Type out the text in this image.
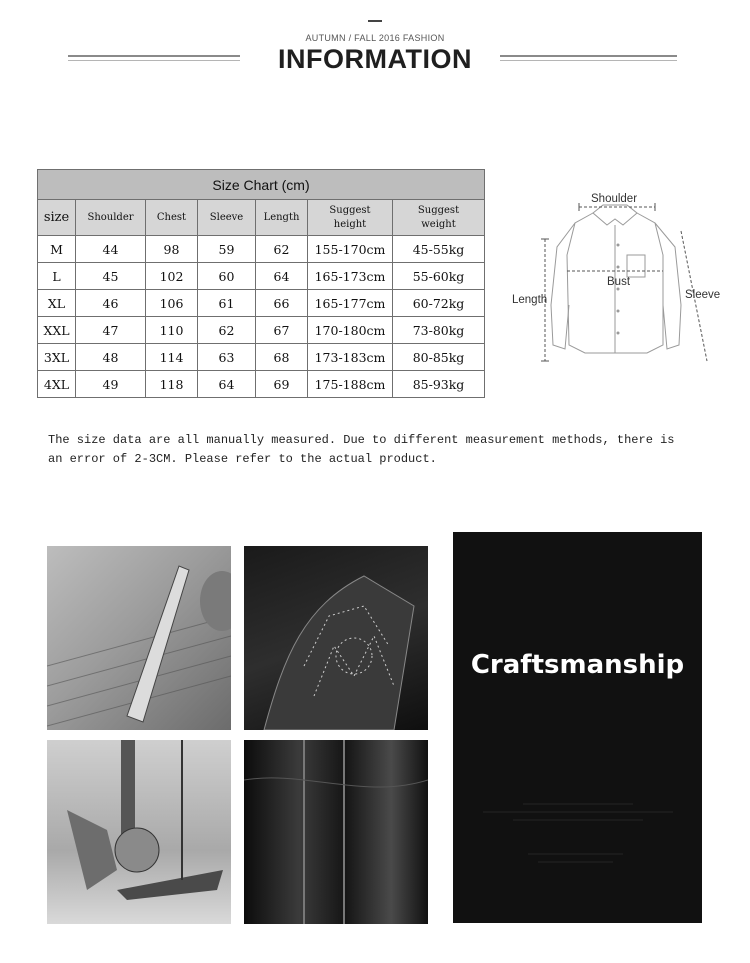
AUTUMN / FALL 2016 FASHION
INFORMATION
Size Chart (cm)						
size	Shoulder	Chest	Sleeve	Length	Suggest height	Suggest weight
M	44	98	59	62	155-170cm	45-55kg
L	45	102	60	64	165-173cm	55-60kg
XL	46	106	61	66	165-177cm	60-72kg
XXL	47	110	62	67	170-180cm	73-80kg
3XL	48	114	63	68	173-183cm	80-85kg
4XL	49	118	64	69	175-188cm	85-93kg
Shoulder
Bust
Length	Sleeve
The size data are all manually measured. Due to different measurement methods, there is
an error of 2-3CM. Please refer to the actual product.
Craftsmanship
